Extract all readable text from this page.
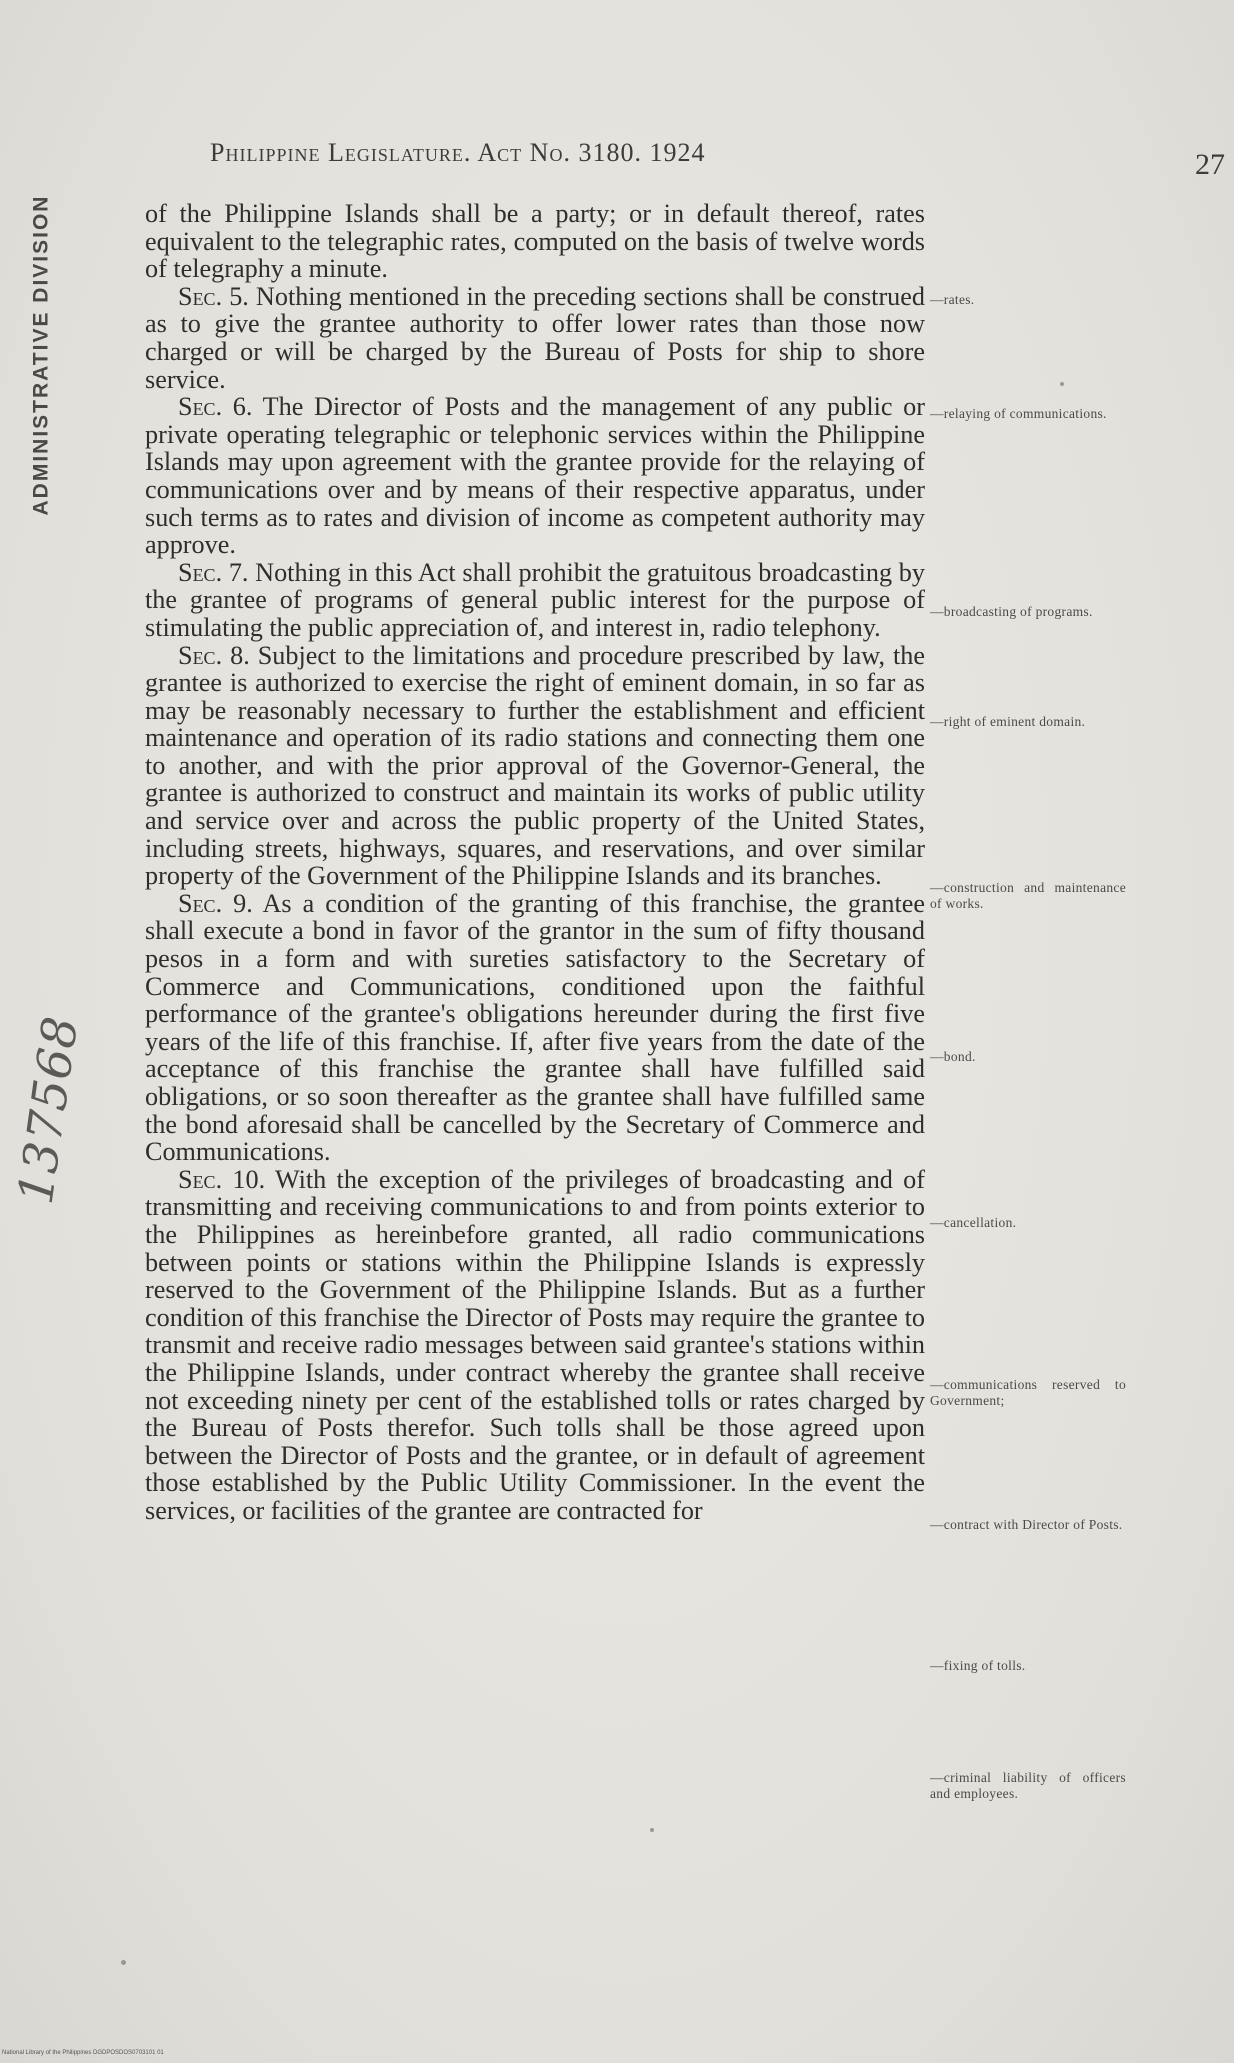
ADMINISTRATIVE DIVISION
137568
Philippine Legislature. Act No. 3180. 1924	27

of the Philippine Islands shall be a party; or in default thereof, rates equivalent to the telegraphic rates, computed on the basis of twelve words of telegraphy a minute.

Sec. 5. Nothing mentioned in the preceding sections shall be construed as to give the grantee authority to offer lower rates than those now charged or will be charged by the Bureau of Posts for ship to shore service.

Sec. 6. The Director of Posts and the management of any public or private operating telegraphic or telephonic services within the Philippine Islands may upon agreement with the grantee provide for the relaying of communications over and by means of their respective apparatus, under such terms as to rates and division of income as competent authority may approve.

Sec. 7. Nothing in this Act shall prohibit the gratuitous broadcasting by the grantee of programs of general public interest for the purpose of stimulating the public appreciation of, and interest in, radio telephony.

Sec. 8. Subject to the limitations and procedure prescribed by law, the grantee is authorized to exercise the right of eminent domain, in so far as may be reasonably necessary to further the establishment and efficient maintenance and operation of its radio stations and connecting them one to another, and with the prior approval of the Governor-General, the grantee is authorized to construct and maintain its works of public utility and service over and across the public property of the United States, including streets, highways, squares, and reservations, and over similar property of the Government of the Philippine Islands and its branches.

Sec. 9. As a condition of the granting of this franchise, the grantee shall execute a bond in favor of the grantor in the sum of fifty thousand pesos in a form and with sureties satisfactory to the Secretary of Commerce and Communications, conditioned upon the faithful performance of the grantee's obligations hereunder during the first five years of the life of this franchise. If, after five years from the date of the acceptance of this franchise the grantee shall have fulfilled said obligations, or so soon thereafter as the grantee shall have fulfilled same the bond aforesaid shall be cancelled by the Secretary of Commerce and Communications.

Sec. 10. With the exception of the privileges of broadcasting and of transmitting and receiving communications to and from points exterior to the Philippines as hereinbefore granted, all radio communications between points or stations within the Philippine Islands is expressly reserved to the Government of the Philippine Islands. But as a further condition of this franchise the Director of Posts may require the grantee to transmit and receive radio messages between said grantee's stations within the Philippine Islands, under contract whereby the grantee shall receive not exceeding ninety per cent of the established tolls or rates charged by the Bureau of Posts therefor. Such tolls shall be those agreed upon between the Director of Posts and the grantee, or in default of agreement those established by the Public Utility Commissioner. In the event the services, or facilities of the grantee are contracted for

—rates.
—relaying of communications.
—broadcasting of programs.
—right of eminent domain.
—construction and maintenance of works.
—bond.
—cancellation.
—communications reserved to Government;
—contract with Director of Posts.
—fixing of tolls.
—criminal liability of officers and employees.
National Library of the Philippines DGDPOSDOS0703101 01
